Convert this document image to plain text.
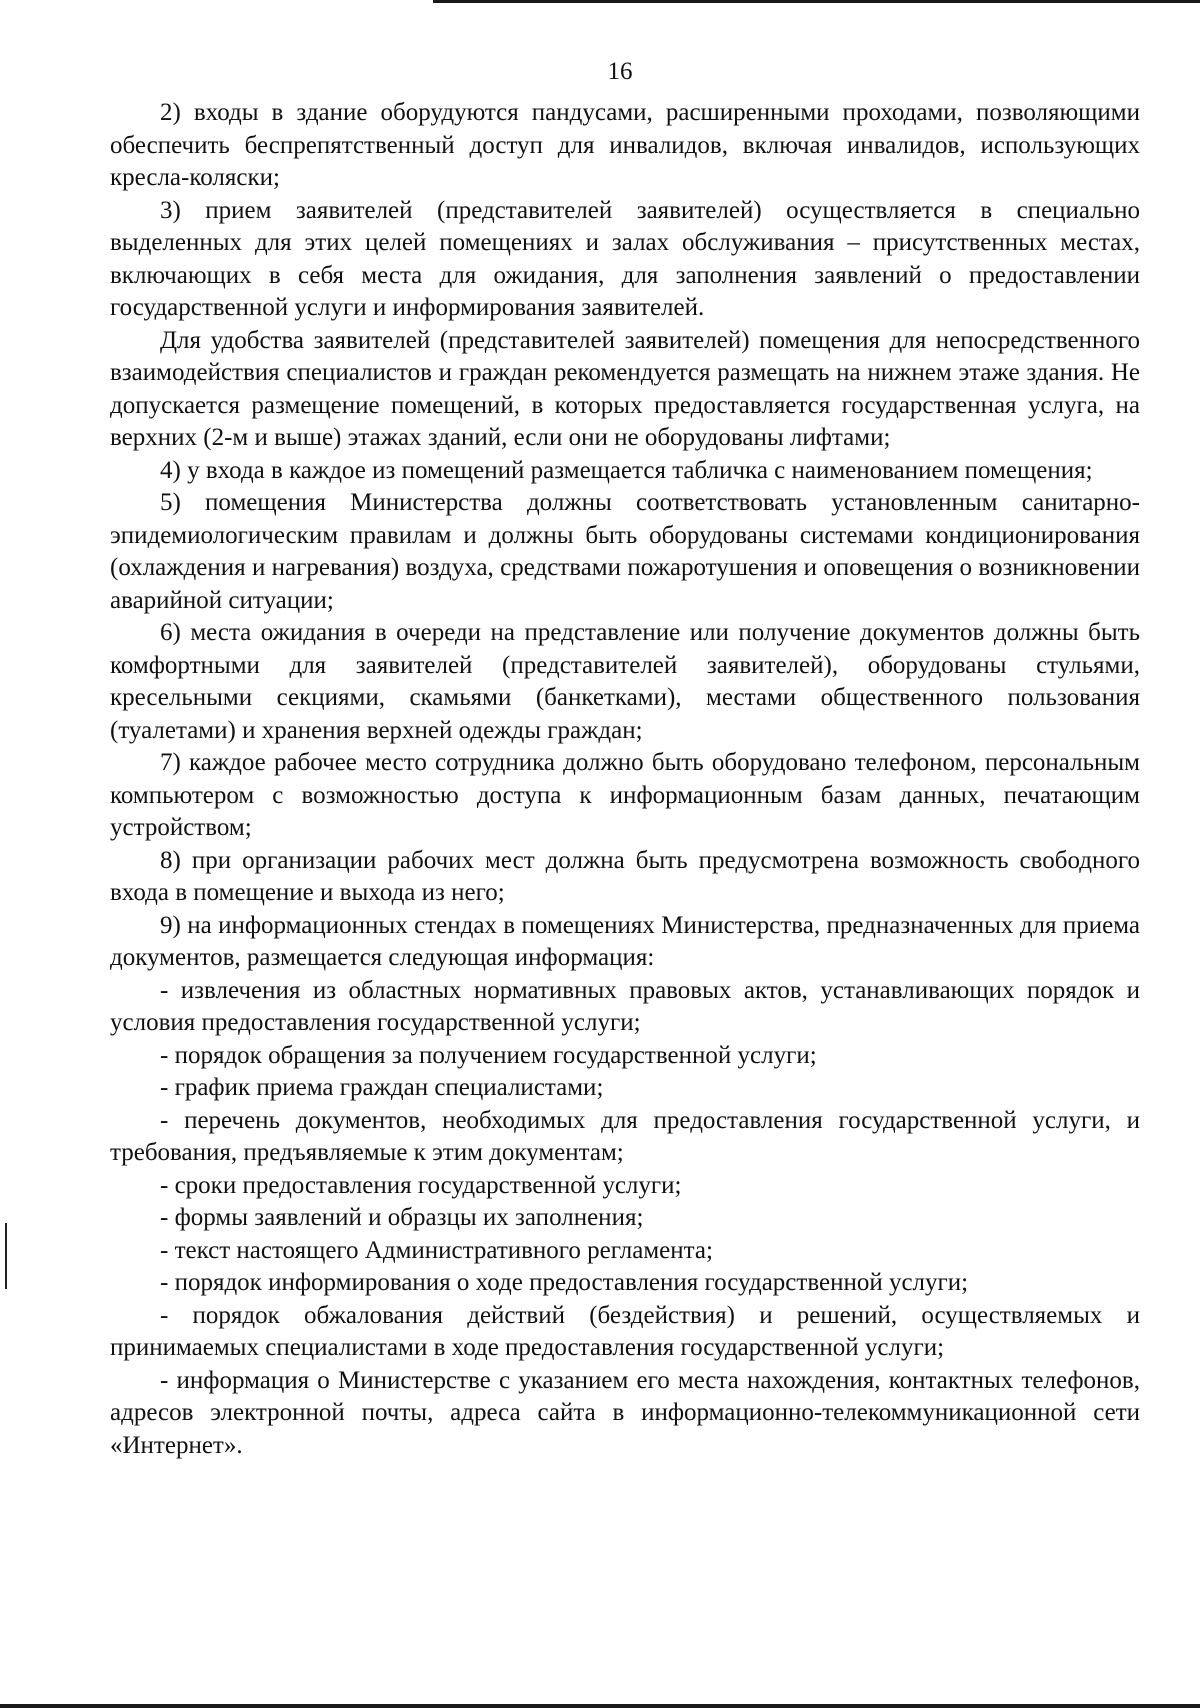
16

2) входы в здание оборудуются пандусами, расширенными проходами, позволяющими обеспечить беспрепятственный доступ для инвалидов, включая инвалидов, использующих кресла-коляски;

3) прием заявителей (представителей заявителей) осуществляется в специально выделенных для этих целей помещениях и залах обслуживания – присутственных местах, включающих в себя места для ожидания, для заполнения заявлений о предоставлении государственной услуги и информирования заявителей.

Для удобства заявителей (представителей заявителей) помещения для непосредственного взаимодействия специалистов и граждан рекомендуется размещать на нижнем этаже здания. Не допускается размещение помещений, в которых предоставляется государственная услуга, на верхних (2-м и выше) этажах зданий, если они не оборудованы лифтами;

4) у входа в каждое из помещений размещается табличка с наименованием помещения;

5) помещения Министерства должны соответствовать установленным санитарно-эпидемиологическим правилам и должны быть оборудованы системами кондиционирования (охлаждения и нагревания) воздуха, средствами пожаротушения и оповещения о возникновении аварийной ситуации;

6) места ожидания в очереди на представление или получение документов должны быть комфортными для заявителей (представителей заявителей), оборудованы стульями, кресельными секциями, скамьями (банкетками), местами общественного пользования (туалетами) и хранения верхней одежды граждан;

7) каждое рабочее место сотрудника должно быть оборудовано телефоном, персональным компьютером с возможностью доступа к информационным базам данных, печатающим устройством;

8) при организации рабочих мест должна быть предусмотрена возможность свободного входа в помещение и выхода из него;

9) на информационных стендах в помещениях Министерства, предназначенных для приема документов, размещается следующая информация:

- извлечения из областных нормативных правовых актов, устанавливающих порядок и условия предоставления государственной услуги;

- порядок обращения за получением государственной услуги;

- график приема граждан специалистами;

- перечень документов, необходимых для предоставления государственной услуги, и требования, предъявляемые к этим документам;

- сроки предоставления государственной услуги;

- формы заявлений и образцы их заполнения;

- текст настоящего Административного регламента;

- порядок информирования о ходе предоставления государственной услуги;

- порядок обжалования действий (бездействия) и решений, осуществляемых и принимаемых специалистами в ходе предоставления государственной услуги;

- информация о Министерстве с указанием его места нахождения, контактных телефонов, адресов электронной почты, адреса сайта в информационно-телекоммуникационной сети «Интернет».
